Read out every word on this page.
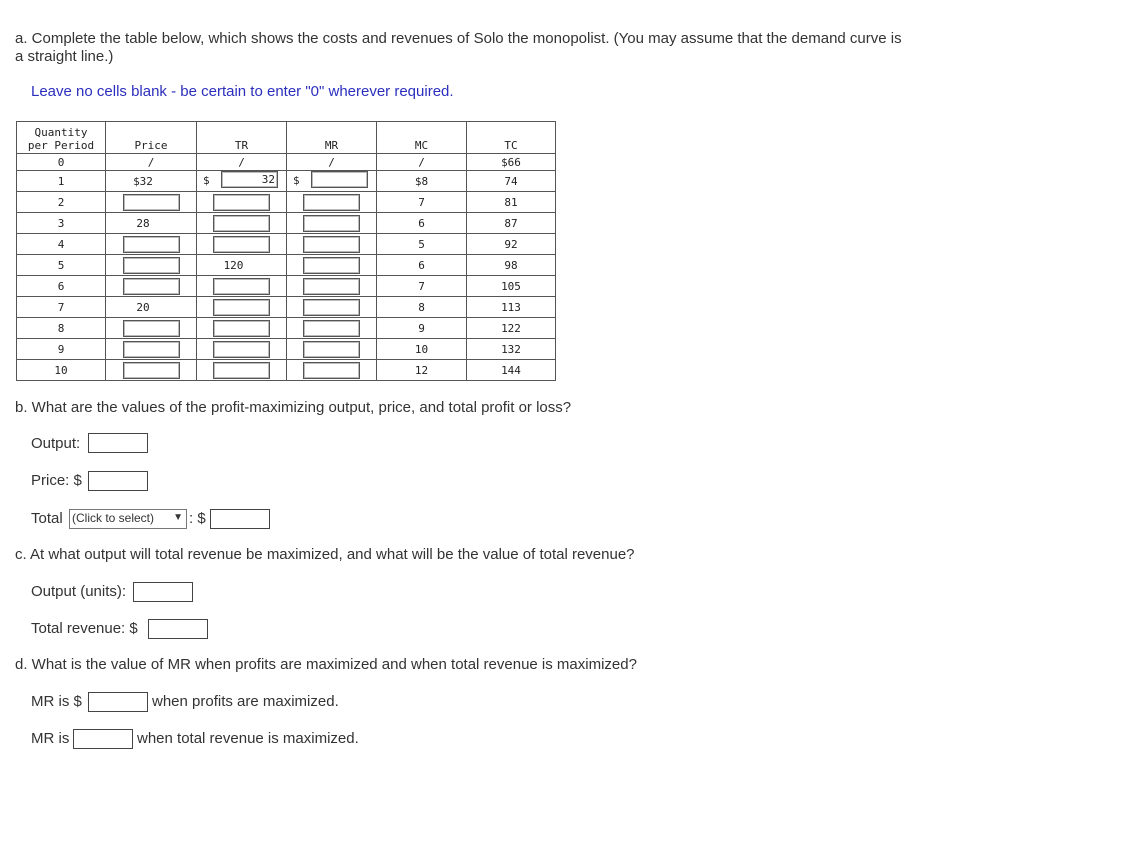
a. Complete the table below, which shows the costs and revenues of Solo the monopolist. (You may assume that the demand curve is
a straight line.)
Leave no cells blank - be certain to enter "0" wherever required.
Quantity
per Period	Price	TR	MR	MC	TC
0	/	/	/	/	$66
1	$32	$ 32	$	$8	74
2				7	81
3	28			6	87
4				5	92
5		120		6	98
6				7	105
7	20			8	113
8				9	122
9				10	132
10				12	144
b. What are the values of the profit-maximizing output, price, and total profit or loss?
Output:
Price: $
Total (Click to select) ▼ : $
c. At what output will total revenue be maximized, and what will be the value of total revenue?
Output (units):
Total revenue: $
d. What is the value of MR when profits are maximized and when total revenue is maximized?
MR is $	when profits are maximized.
MR is	when total revenue is maximized.
